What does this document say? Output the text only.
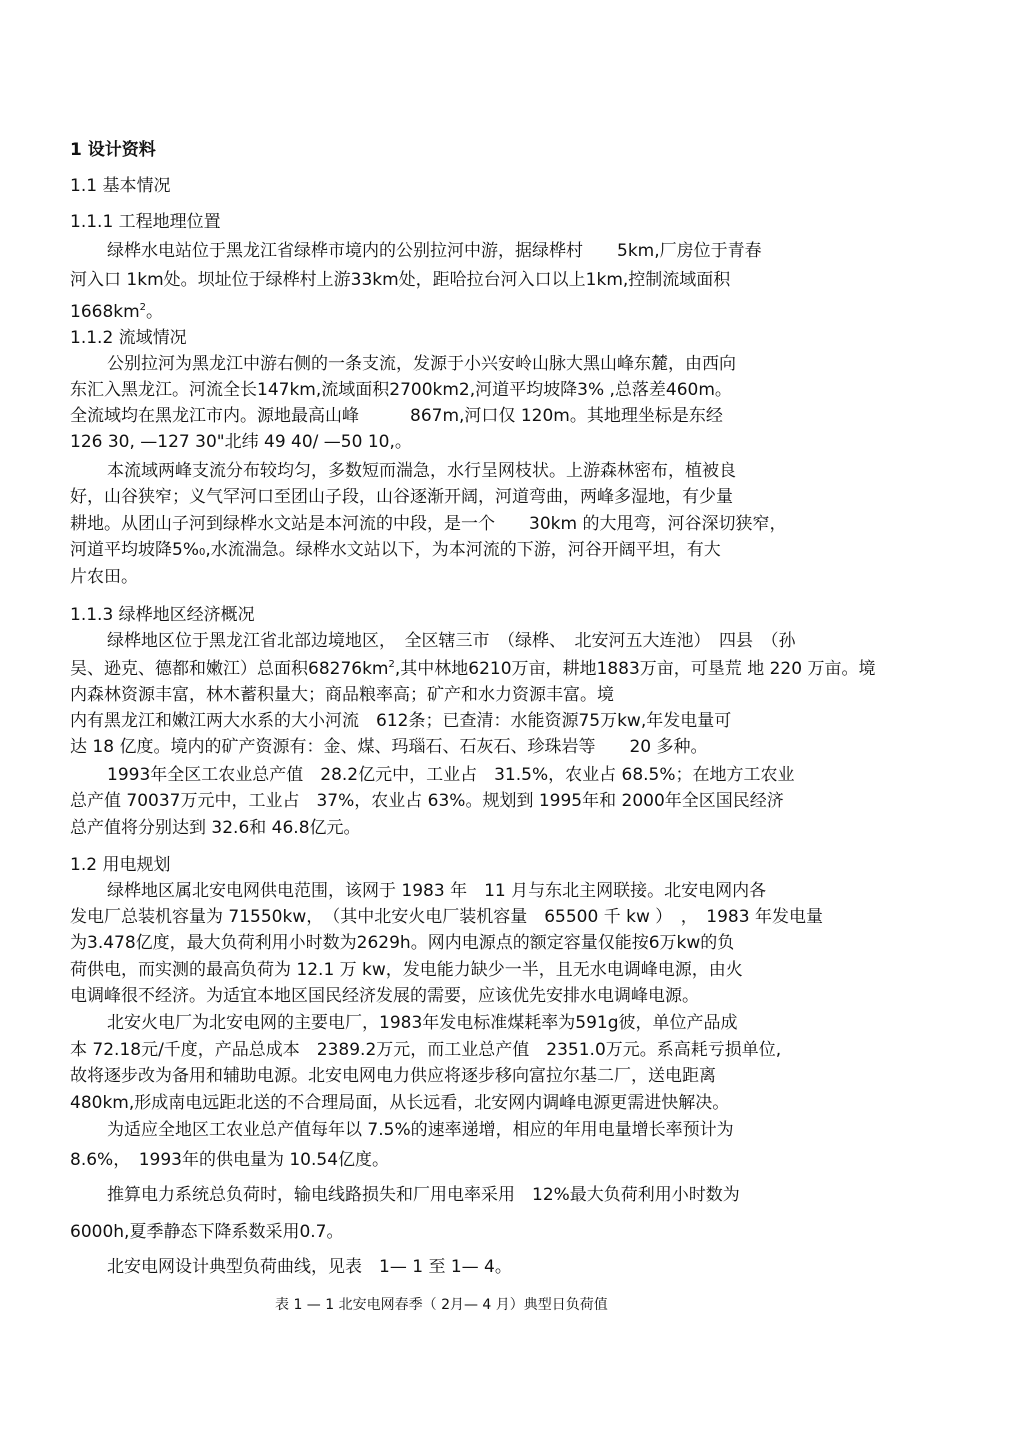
1 设计资料
1.1 基本情况
1.1.1 工程地理位置
绿桦水电站位于黑龙江省绿桦市境内的公别拉河中游，据绿桦村　　5km,厂房位于青春
河入口 1km处。坝址位于绿桦村上游33km处，距哈拉台河入口以上1km,控制流域面积
$1668km^2$。
1.1.2 流域情况
公别拉河为黑龙江中游右侧的一条支流，发源于小兴安岭山脉大黑山峰东麓，由西向
东汇入黑龙江。河流全长147km,流域面积2700km2,河道平均坡降3% ,总落差460m。
全流域均在黑龙江市内。源地最高山峰　　　867m,河口仅 120m。其地理坐标是东经
126 30, —127 30"北纬 49 40/ —50 10,。
本流域两峰支流分布较均匀，多数短而湍急，水行呈网枝状。上游森林密布，植被良
好，山谷狭窄；义气罕河口至团山子段，山谷逐渐开阔，河道弯曲，两峰多湿地，有少量
耕地。从团山子河到绿桦水文站是本河流的中段，是一个　　30km 的大甩弯，河谷深切狭窄，
河道平均坡降$5\%_0$,水流湍急。绿桦水文站以下，为本河流的下游，河谷开阔平坦，有大
片农田。
1.1.3 绿桦地区经济概况
绿桦地区位于黑龙江省北部边境地区，　全区辖三市　（绿桦、　北安河五大连池）　四县　（孙
吴、逊克、德都和嫩江）总面积$68276km^2$,其中林地6210万亩，耕地1883万亩，可垦荒 地 220 万亩。境
内森林资源丰富，林木蓄积量大；商品粮率高；矿产和水力资源丰富。境
内有黑龙江和嫩江两大水系的大小河流　612条；已查清：水能资源75万kw,年发电量可
达 18 亿度。境内的矿产资源有：金、煤、玛瑙石、石灰石、珍珠岩等　　20 多种。
1993年全区工农业总产值　28.2亿元中，工业占　31.5%，农业占 68.5%；在地方工农业
总产值 70037万元中，工业占　37%，农业占 63%。规划到 1995年和 2000年全区国民经济
总产值将分别达到 32.6和 46.8亿元。
1.2 用电规划
绿桦地区属北安电网供电范围，该网于 1983 年　11 月与东北主网联接。北安电网内各
发电厂总装机容量为 71550kw，　（其中北安火电厂装机容量　65500 千 kw ）　，　1983 年发电量
为3.478亿度，最大负荷利用小时数为2629h。网内电源点的额定容量仅能按6万kw的负
荷供电，而实测的最高负荷为 12.1 万 kw，发电能力缺少一半，且无水电调峰电源，由火
电调峰很不经济。为适宜本地区国民经济发展的需要，应该优先安排水电调峰电源。
北安火电厂为北安电网的主要电厂，1983年发电标准煤耗率为591g彼，单位产品成
本 72.18元/千度，产品总成本　2389.2万元，而工业总产值　2351.0万元。系高耗亏损单位,
故将逐步改为备用和辅助电源。北安电网电力供应将逐步移向富拉尔基二厂，送电距离
480km,形成南电远距北送的不合理局面，从长远看，北安网内调峰电源更需进快解决。
为适应全地区工农业总产值每年以 7.5%的速率递增，相应的年用电量增长率预计为
8.6%，　1993年的供电量为 10.54亿度。
推算电力系统总负荷时，输电线路损失和厂用电率采用　12%最大负荷利用小时数为
6000h,夏季静态下降系数采用0.7。
北安电网设计典型负荷曲线，见表　1— 1 至 1— 4。
表 1 — 1 北安电网春季（ 2月— 4 月）典型日负荷值
